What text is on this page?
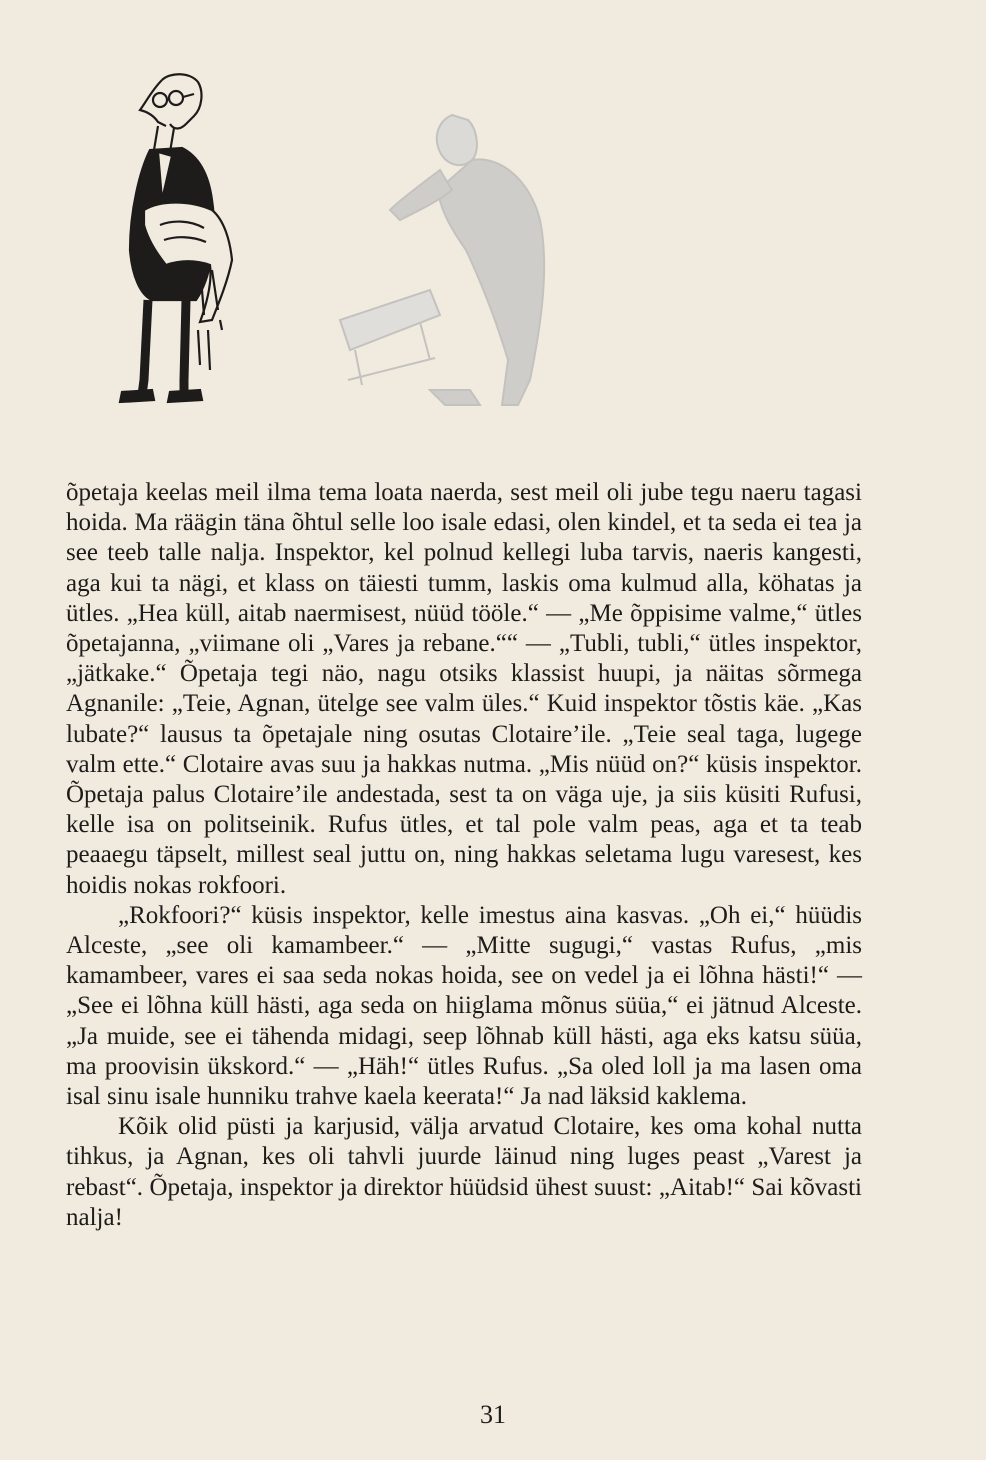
õpetaja keelas meil ilma tema loata naerda, sest meil oli jube tegu naeru tagasi hoida. Ma räägin täna õhtul selle loo isale edasi, olen kindel, et ta seda ei tea ja see teeb talle nalja. Inspektor, kel polnud kellegi luba tarvis, naeris kangesti, aga kui ta nägi, et klass on täiesti tumm, laskis oma kulmud alla, köhatas ja ütles. „Hea küll, aitab naermisest, nüüd tööle.“ — „Me õppisime valme,“ ütles õpetajanna, „viimane oli „Vares ja rebane.““ — „Tubli, tubli,“ ütles inspektor, „jätkake.“ Õpetaja tegi näo, nagu otsiks klassist huupi, ja näitas sõrmega Agnanile: „Teie, Agnan, ütelge see valm üles.“ Kuid inspektor tõstis käe. „Kas lubate?“ lausus ta õpetajale ning osutas Clotaire’ile. „Teie seal taga, lugege valm ette.“ Clotaire avas suu ja hakkas nutma. „Mis nüüd on?“ küsis inspektor. Õpetaja palus Clotaire’ile andestada, sest ta on väga uje, ja siis küsiti Rufusi, kelle isa on politseinik. Rufus ütles, et tal pole valm peas, aga et ta teab peaaegu täpselt, millest seal juttu on, ning hakkas seletama lugu varesest, kes hoidis nokas rokfoori.

„Rokfoori?“ küsis inspektor, kelle imestus aina kasvas. „Oh ei,“ hüüdis Alceste, „see oli kamambeer.“ — „Mitte sugugi,“ vastas Rufus, „mis kamambeer, vares ei saa seda nokas hoida, see on vedel ja ei lõhna hästi!“ — „See ei lõhna küll hästi, aga seda on hiiglama mõnus süüa,“ ei jätnud Alceste. „Ja muide, see ei tähenda midagi, seep lõhnab küll hästi, aga eks katsu süüa, ma proovisin ükskord.“ — „Häh!“ ütles Rufus. „Sa oled loll ja ma lasen oma isal sinu isale hunniku trahve kaela keerata!“ Ja nad läksid kaklema.

Kõik olid püsti ja karjusid, välja arvatud Clotaire, kes oma kohal nutta tihkus, ja Agnan, kes oli tahvli juurde läinud ning luges peast „Varest ja rebast“. Õpetaja, inspektor ja direktor hüüdsid ühest suust: „Aitab!“ Sai kõvasti nalja!

31
